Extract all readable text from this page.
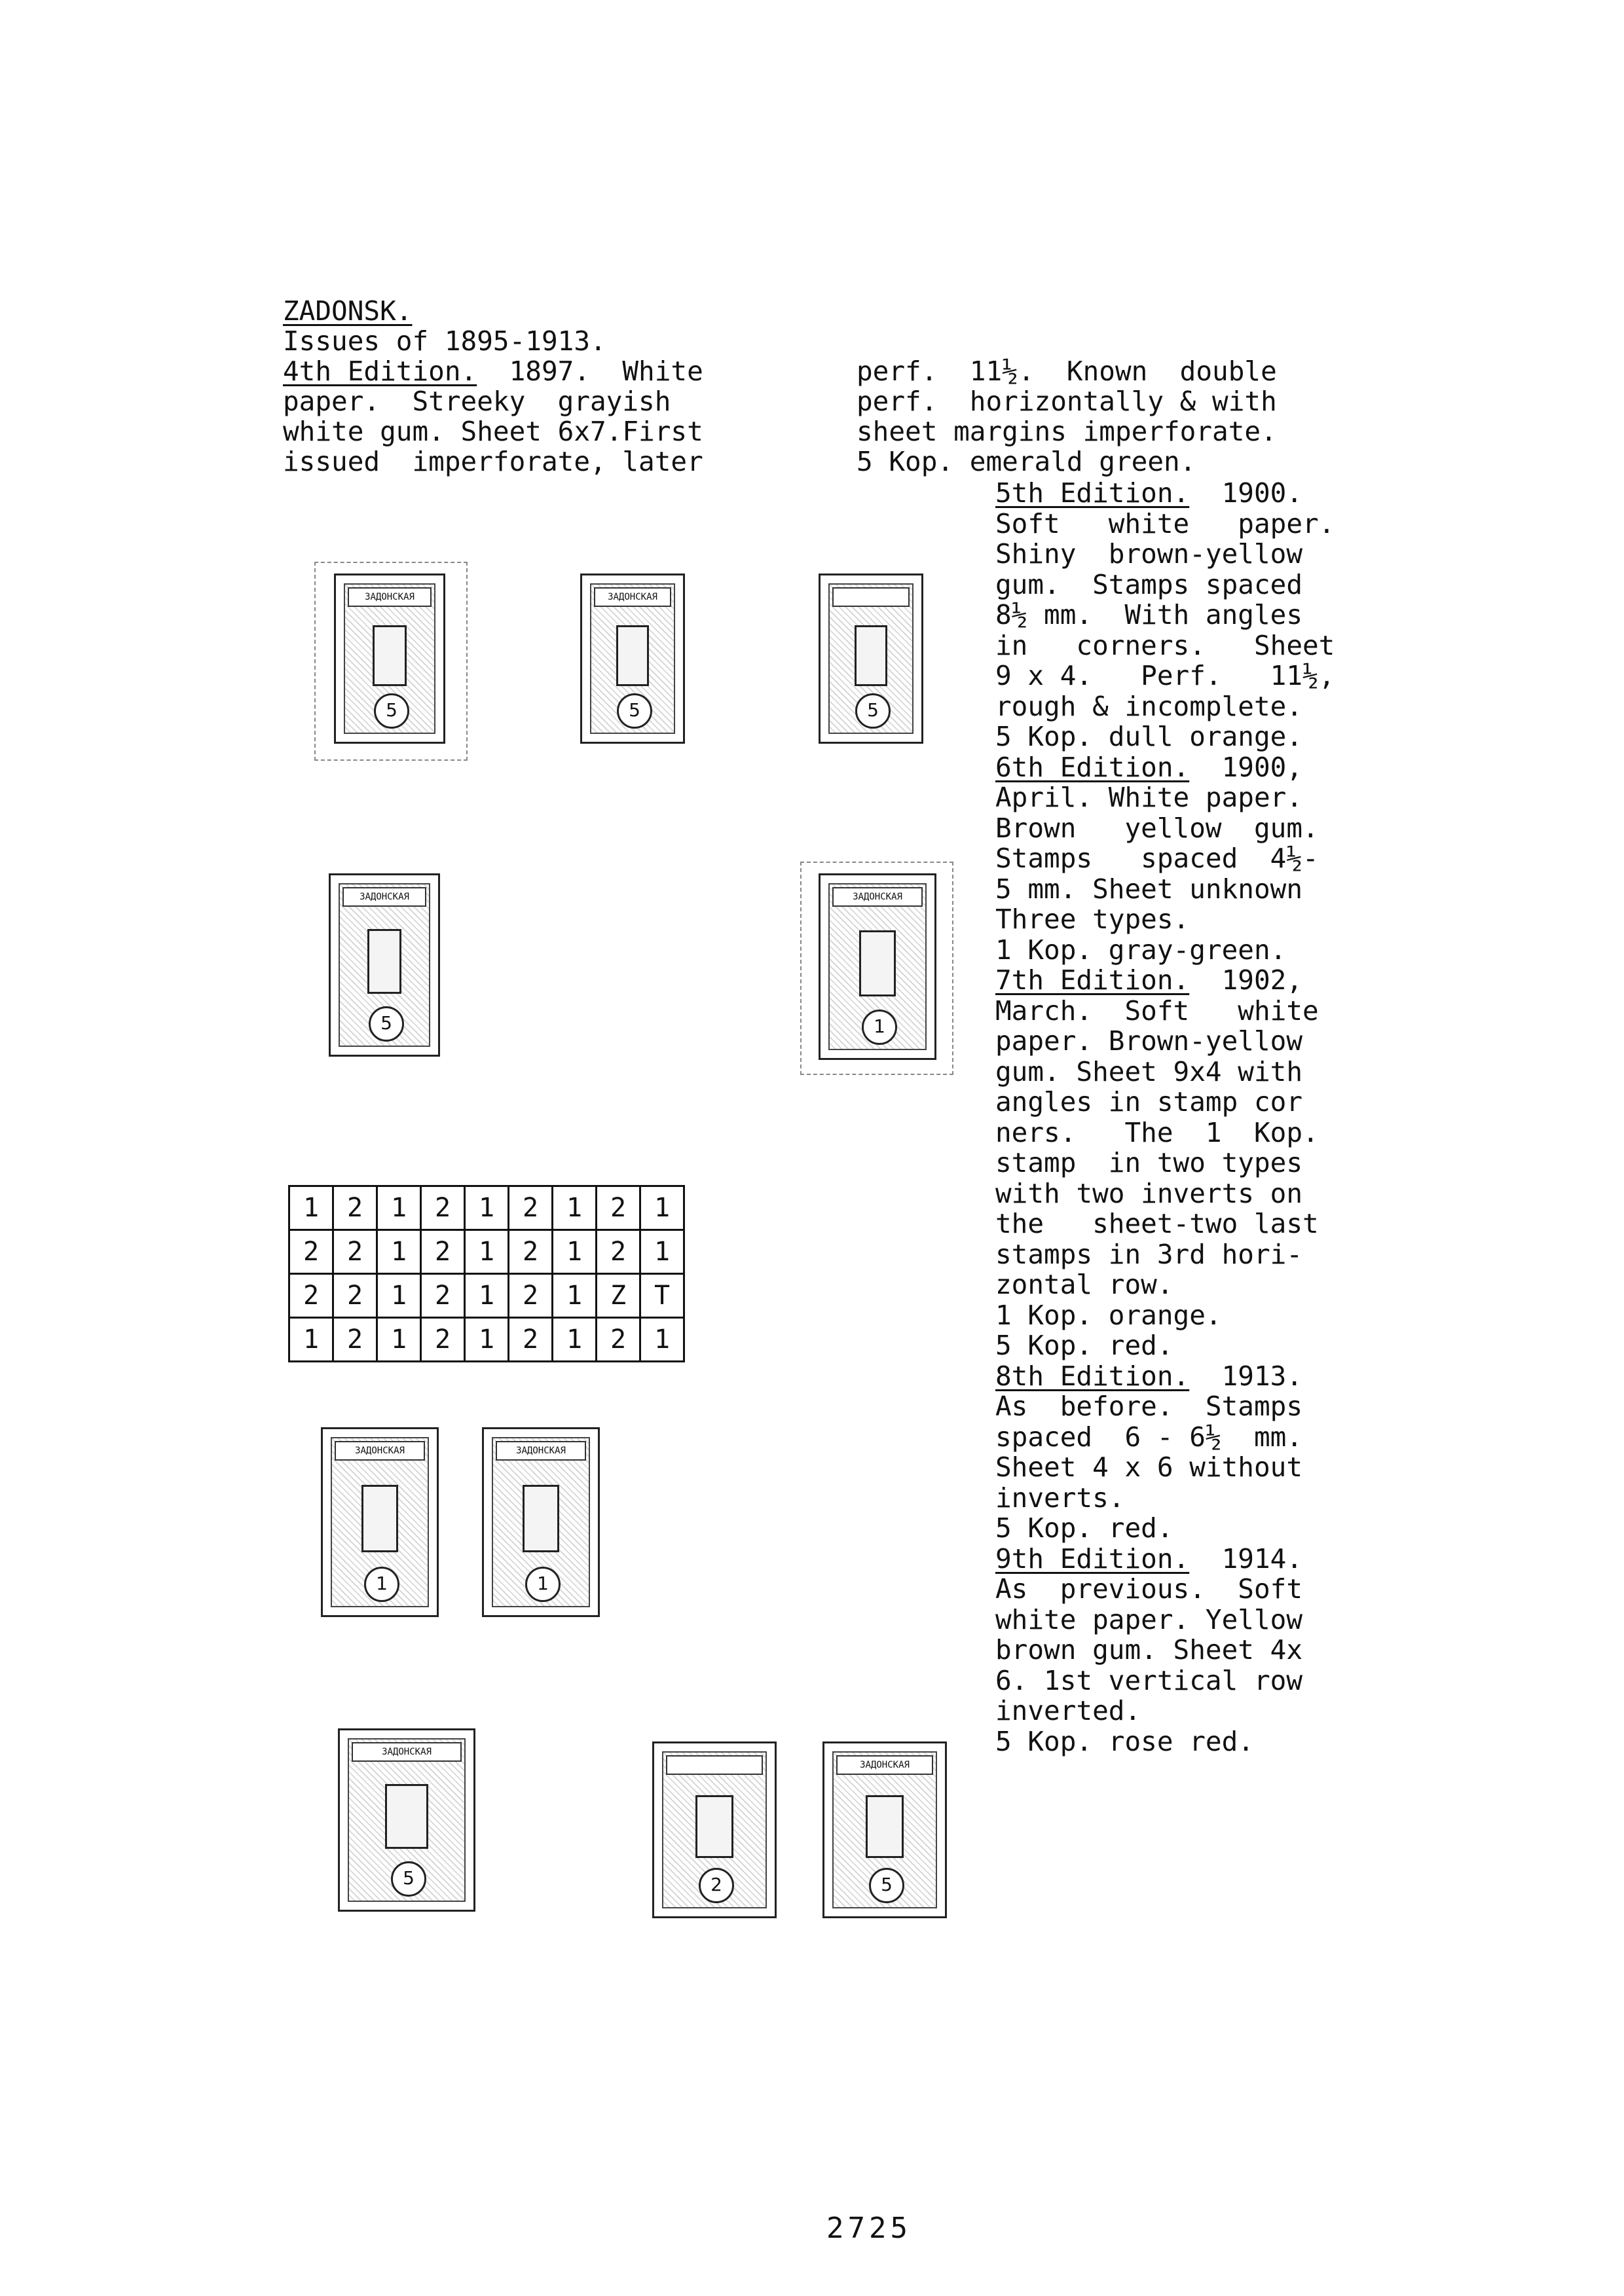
ZADONSK.
Issues of 1895-1913.
4th Edition.  1897.  White
paper.  Streeky  grayish
white gum. Sheet 6x7.First
issued  imperforate, later
perf.  11½.  Known  double
perf.  horizontally & with
sheet margins imperforate.
5 Kop. emerald green.
5th Edition.  1900.
Soft   white   paper.
Shiny  brown-yellow
gum.  Stamps spaced
8½ mm.  With angles
in   corners.   Sheet
9 x 4.   Perf.   11½,
rough & incomplete.
5 Kop. dull orange.
6th Edition.  1900,
April. White paper.
Brown   yellow  gum.
Stamps   spaced  4½-
5 mm. Sheet unknown
Three types.
1 Kop. gray-green.
7th Edition.  1902,
March.  Soft   white
paper. Brown-yellow
gum. Sheet 9x4 with
angles in stamp cor
ners.   The  1  Kop.
stamp  in two types
with two inverts on
the   sheet-two last
stamps in 3rd hori-
zontal row.
1 Kop. orange.
5 Kop. red.
8th Edition.  1913.
As  before.  Stamps
spaced  6 - 6½  mm.
Sheet 4 x 6 without
inverts.
5 Kop. red.
9th Edition.  1914.
As  previous.  Soft
white paper. Yellow
brown gum. Sheet 4x
6. 1st vertical row
inverted.
5 Kop. rose red.
ЗАДОНСКАЯ
5
ЗАДОНСКАЯ
5	5
ЗАДОНСКАЯ
5
ЗАДОНСКАЯ
1
ЗАДОНСКАЯ
1
ЗАДОНСКАЯ
1
ЗАДОНСКАЯ
5	2
ЗАДОНСКАЯ
5
1	2	1	2	1	2	1	2	1
2	2	1	2	1	2	1	2	1
2	2	1	2	1	2	1	Z	T
1	2	1	2	1	2	1	2	1
2725
